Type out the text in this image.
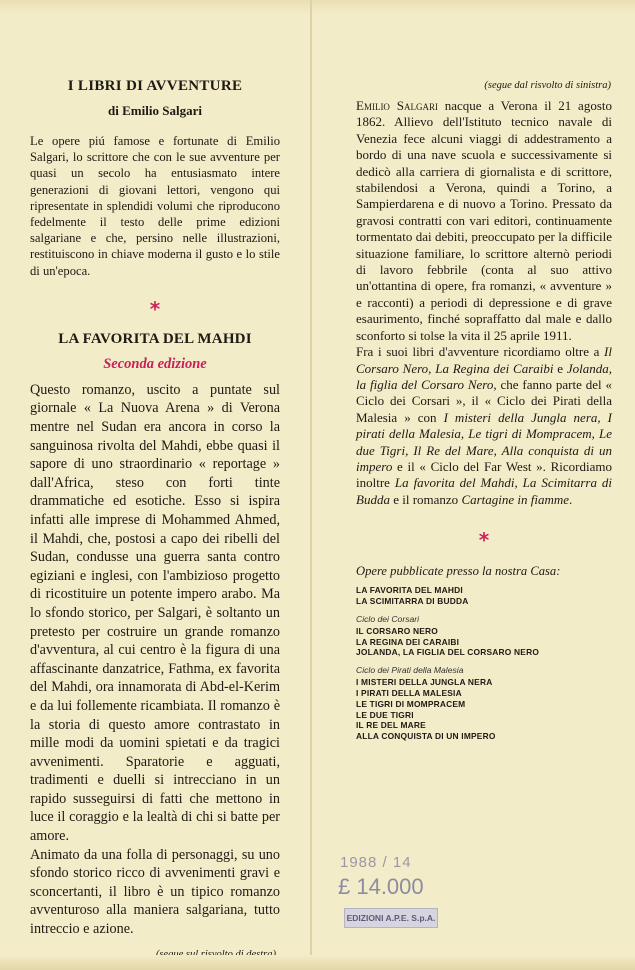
I LIBRI DI AVVENTURE
di Emilio Salgari

Le opere piú famose e fortunate di Emilio Salgari, lo scrittore che con le sue avventure per quasi un secolo ha entusiasmato intere generazioni di giovani lettori, vengono qui ripresentate in splendidi volumi che riproducono fedelmente il testo delle prime edizioni salgariane e che, persino nelle illustrazioni, restituiscono in chiave moderna il gusto e lo stile di un'epoca.

*
LA FAVORITA DEL MAHDI
Seconda edizione

Questo romanzo, uscito a puntate sul giornale « La Nuova Arena » di Verona mentre nel Sudan era ancora in corso la sanguinosa rivolta del Mahdi, ebbe quasi il sapore di uno straordinario « reportage » dall'Africa, steso con forti tinte drammatiche ed esotiche. Esso si ispira infatti alle imprese di Mohammed Ahmed, il Mahdi, che, postosi a capo dei ribelli del Sudan, condusse una guerra santa contro egiziani e inglesi, con l'ambizioso progetto di ricostituire un potente impero arabo. Ma lo sfondo storico, per Salgari, è soltanto un pretesto per costruire un grande romanzo d'avventura, al cui centro è la figura di una affascinante danzatrice, Fathma, ex favorita del Mahdi, ora innamorata di Abd-el-Kerim e da lui follemente ricambiata. Il romanzo è la storia di questo amore contrastato in mille modi da uomini spietati e da tragici avvenimenti. Sparatorie e agguati, tradimenti e duelli si intrecciano in un rapido susseguirsi di fatti che mettono in luce il coraggio e la lealtà di chi si batte per amore.

Animato da una folla di personaggi, su uno sfondo storico ricco di avvenimenti gravi e sconcertanti, il libro è un tipico romanzo avventuroso alla maniera salgariana, tutto intreccio e azione.

(segue dal risvolto di sinistra)

Emilio Salgari nacque a Verona il 21 agosto 1862. Allievo dell'Istituto tecnico navale di Venezia fece alcuni viaggi di addestramento a bordo di una nave scuola e successivamente si dedicò alla carriera di giornalista e di scrittore, stabilendosi a Verona, quindi a Torino, a Sampierdarena e di nuovo a Torino. Pressato da gravosi contratti con vari editori, continuamente tormentato dai debiti, preoccupato per la difficile situazione familiare, lo scrittore alternò periodi di lavoro febbrile (conta al suo attivo un'ottantina di opere, fra romanzi, « avventure » e racconti) a periodi di depressione e di grave esaurimento, finché sopraffatto dal male e dallo sconforto si tolse la vita il 25 aprile 1911.

Fra i suoi libri d'avventure ricordiamo oltre a Il Corsaro Nero, La Regina dei Caraibi e Jolanda, la figlia del Corsaro Nero, che fanno parte del « Ciclo dei Corsari », il « Ciclo dei Pirati della Malesia » con I misteri della Jungla nera, I pirati della Malesia, Le tigri di Mompracem, Le due Tigri, Il Re del Mare, Alla conquista di un impero e il « Ciclo del Far West ». Ricordiamo inoltre La favorita del Mahdi, La Scimitarra di Budda e il romanzo Cartagine in fiamme.

*
Opere pubblicate presso la nostra Casa:
LA FAVORITA DEL MAHDI
LA SCIMITARRA DI BUDDA
Ciclo dei Corsari
IL CORSARO NERO
LA REGINA DEI CARAIBI
JOLANDA, LA FIGLIA DEL CORSARO NERO
Ciclo dei Pirati della Malesia
I MISTERI DELLA JUNGLA NERA
I PIRATI DELLA MALESIA
LE TIGRI DI MOMPRACEM
LE DUE TIGRI
IL RE DEL MARE
ALLA CONQUISTA DI UN IMPERO
1988 / 14
£ 14.000
EDIZIONI A.P.E. S.p.A.
